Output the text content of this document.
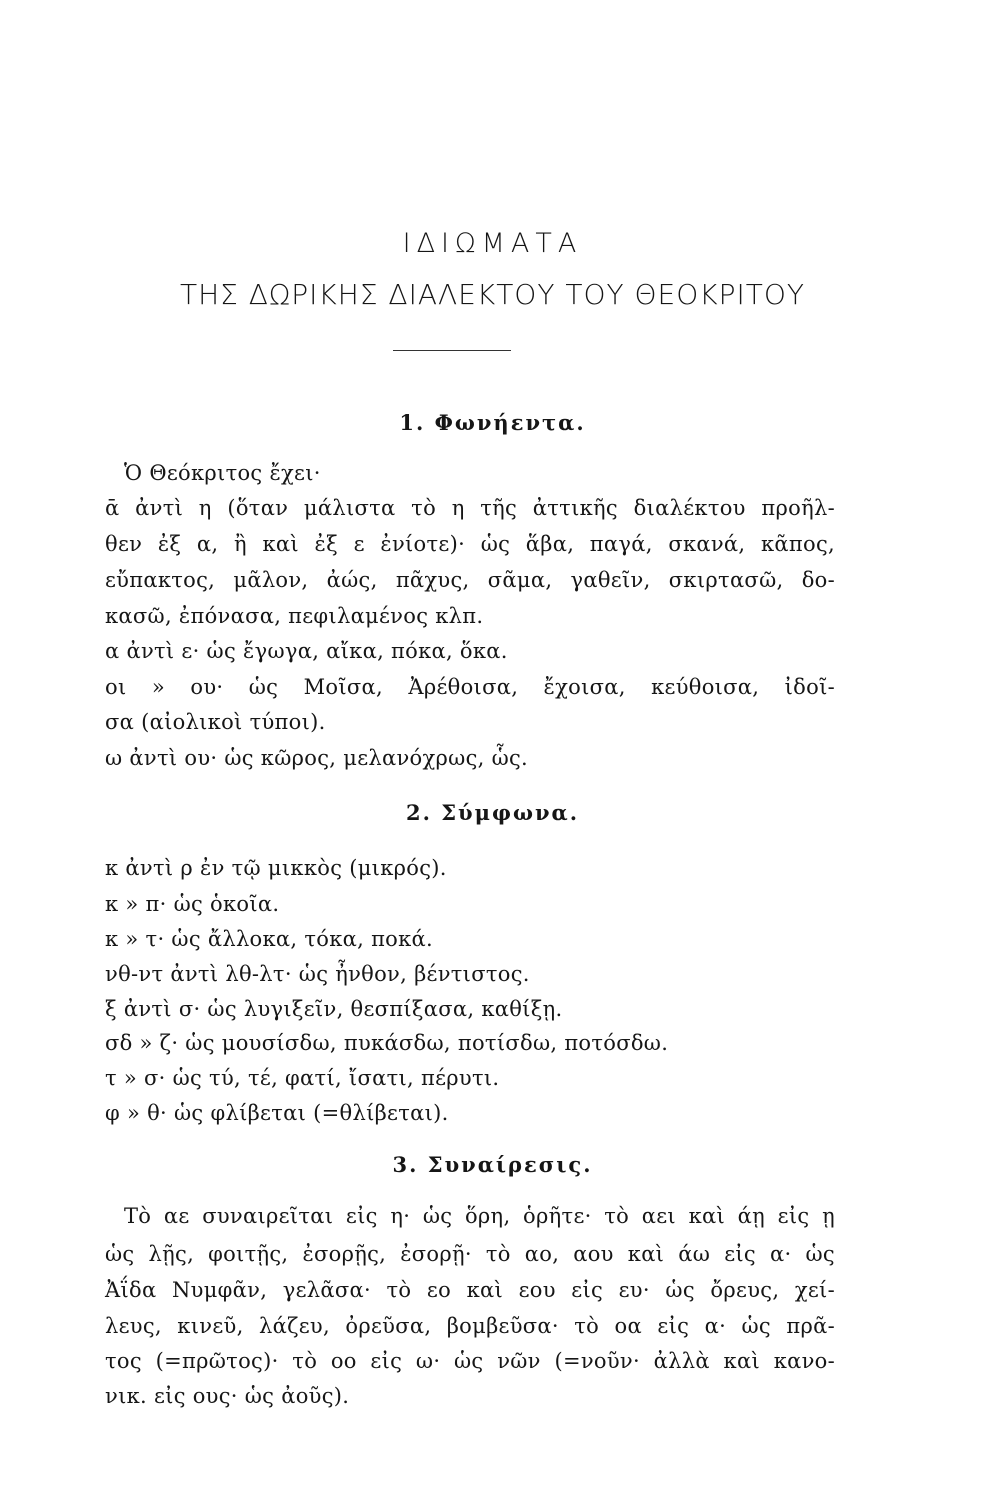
ΙΔΙΩΜΑΤΑ
ΤΗΣ ΔΩΡΙΚΗΣ ΔΙΑΛΕΚΤΟΥ ΤΟΥ ΘΕΟΚΡΙΤΟΥ
1. Φωνήεντα.
Ὁ Θεόκριτος ἔχει·
ᾱ ἀντὶ η (ὅταν μάλιστα τὸ η τῆς ἀττικῆς διαλέκτου προῆλ-
θεν ἐξ α, ἢ καὶ ἐξ ε ἐνίοτε)· ὡς ἅβα, παγά, σκανά, κᾶπος,
εὔπακτος, μᾶλον, ἀώς, πᾶχυς, σᾶμα, γαθεῖν, σκιρτασῶ, δο-
κασῶ, ἐπόνασα, πεφιλαμένος κλπ.
α ἀντὶ ε· ὡς ἔγωγα, αἴκα, πόκα, ὅκα.
οι » ου· ὡς Μοῖσα, Ἀρέθοισα, ἔχοισα, κεύθοισα, ἰδοῖ-
σα (αἰολικοὶ τύποι).
ω ἀντὶ ου· ὡς κῶρος, μελανόχρως, ὧς.
2. Σύμφωνα.
κ ἀντὶ ρ ἐν τῷ μικκὸς (μικρός).
κ » π· ὡς ὁκοῖα.
κ » τ· ὡς ἄλλοκα, τόκα, ποκά.
νθ-ντ ἀντὶ λθ-λτ· ὡς ἦνθον, βέντιστος.
ξ ἀντὶ σ· ὡς λυγιξεῖν, θεσπίξασα, καθίξῃ.
σδ » ζ· ὡς μουσίσδω, πυκάσδω, ποτίσδω, ποτόσδω.
τ » σ· ὡς τύ, τέ, φατί, ἴσατι, πέρυτι.
φ » θ· ὡς φλίβεται (=θλίβεται).
3. Συναίρεσις.
Τὸ αε συναιρεῖται εἰς η· ὡς ὅρη, ὁρῆτε· τὸ αει καὶ άῃ εἰς ῃ
ὡς λῇς, φοιτῇς, ἐσορῇς, ἐσορῇ· τὸ αο, αου καὶ άω εἰς α· ὡς
Ἀΐδα Νυμφᾶν, γελᾶσα· τὸ εο καὶ εου εἰς ευ· ὡς ὄρευς, χεί-
λευς, κινεῦ, λάζευ, ὀρεῦσα, βομβεῦσα· τὸ οα εἰς α· ὡς πρᾶ-
τος (=πρῶτος)· τὸ οο εἰς ω· ὡς νῶν (=νοῦν· ἀλλὰ καὶ κανο-
νικ. εἰς ους· ὡς ἀοῦς).
